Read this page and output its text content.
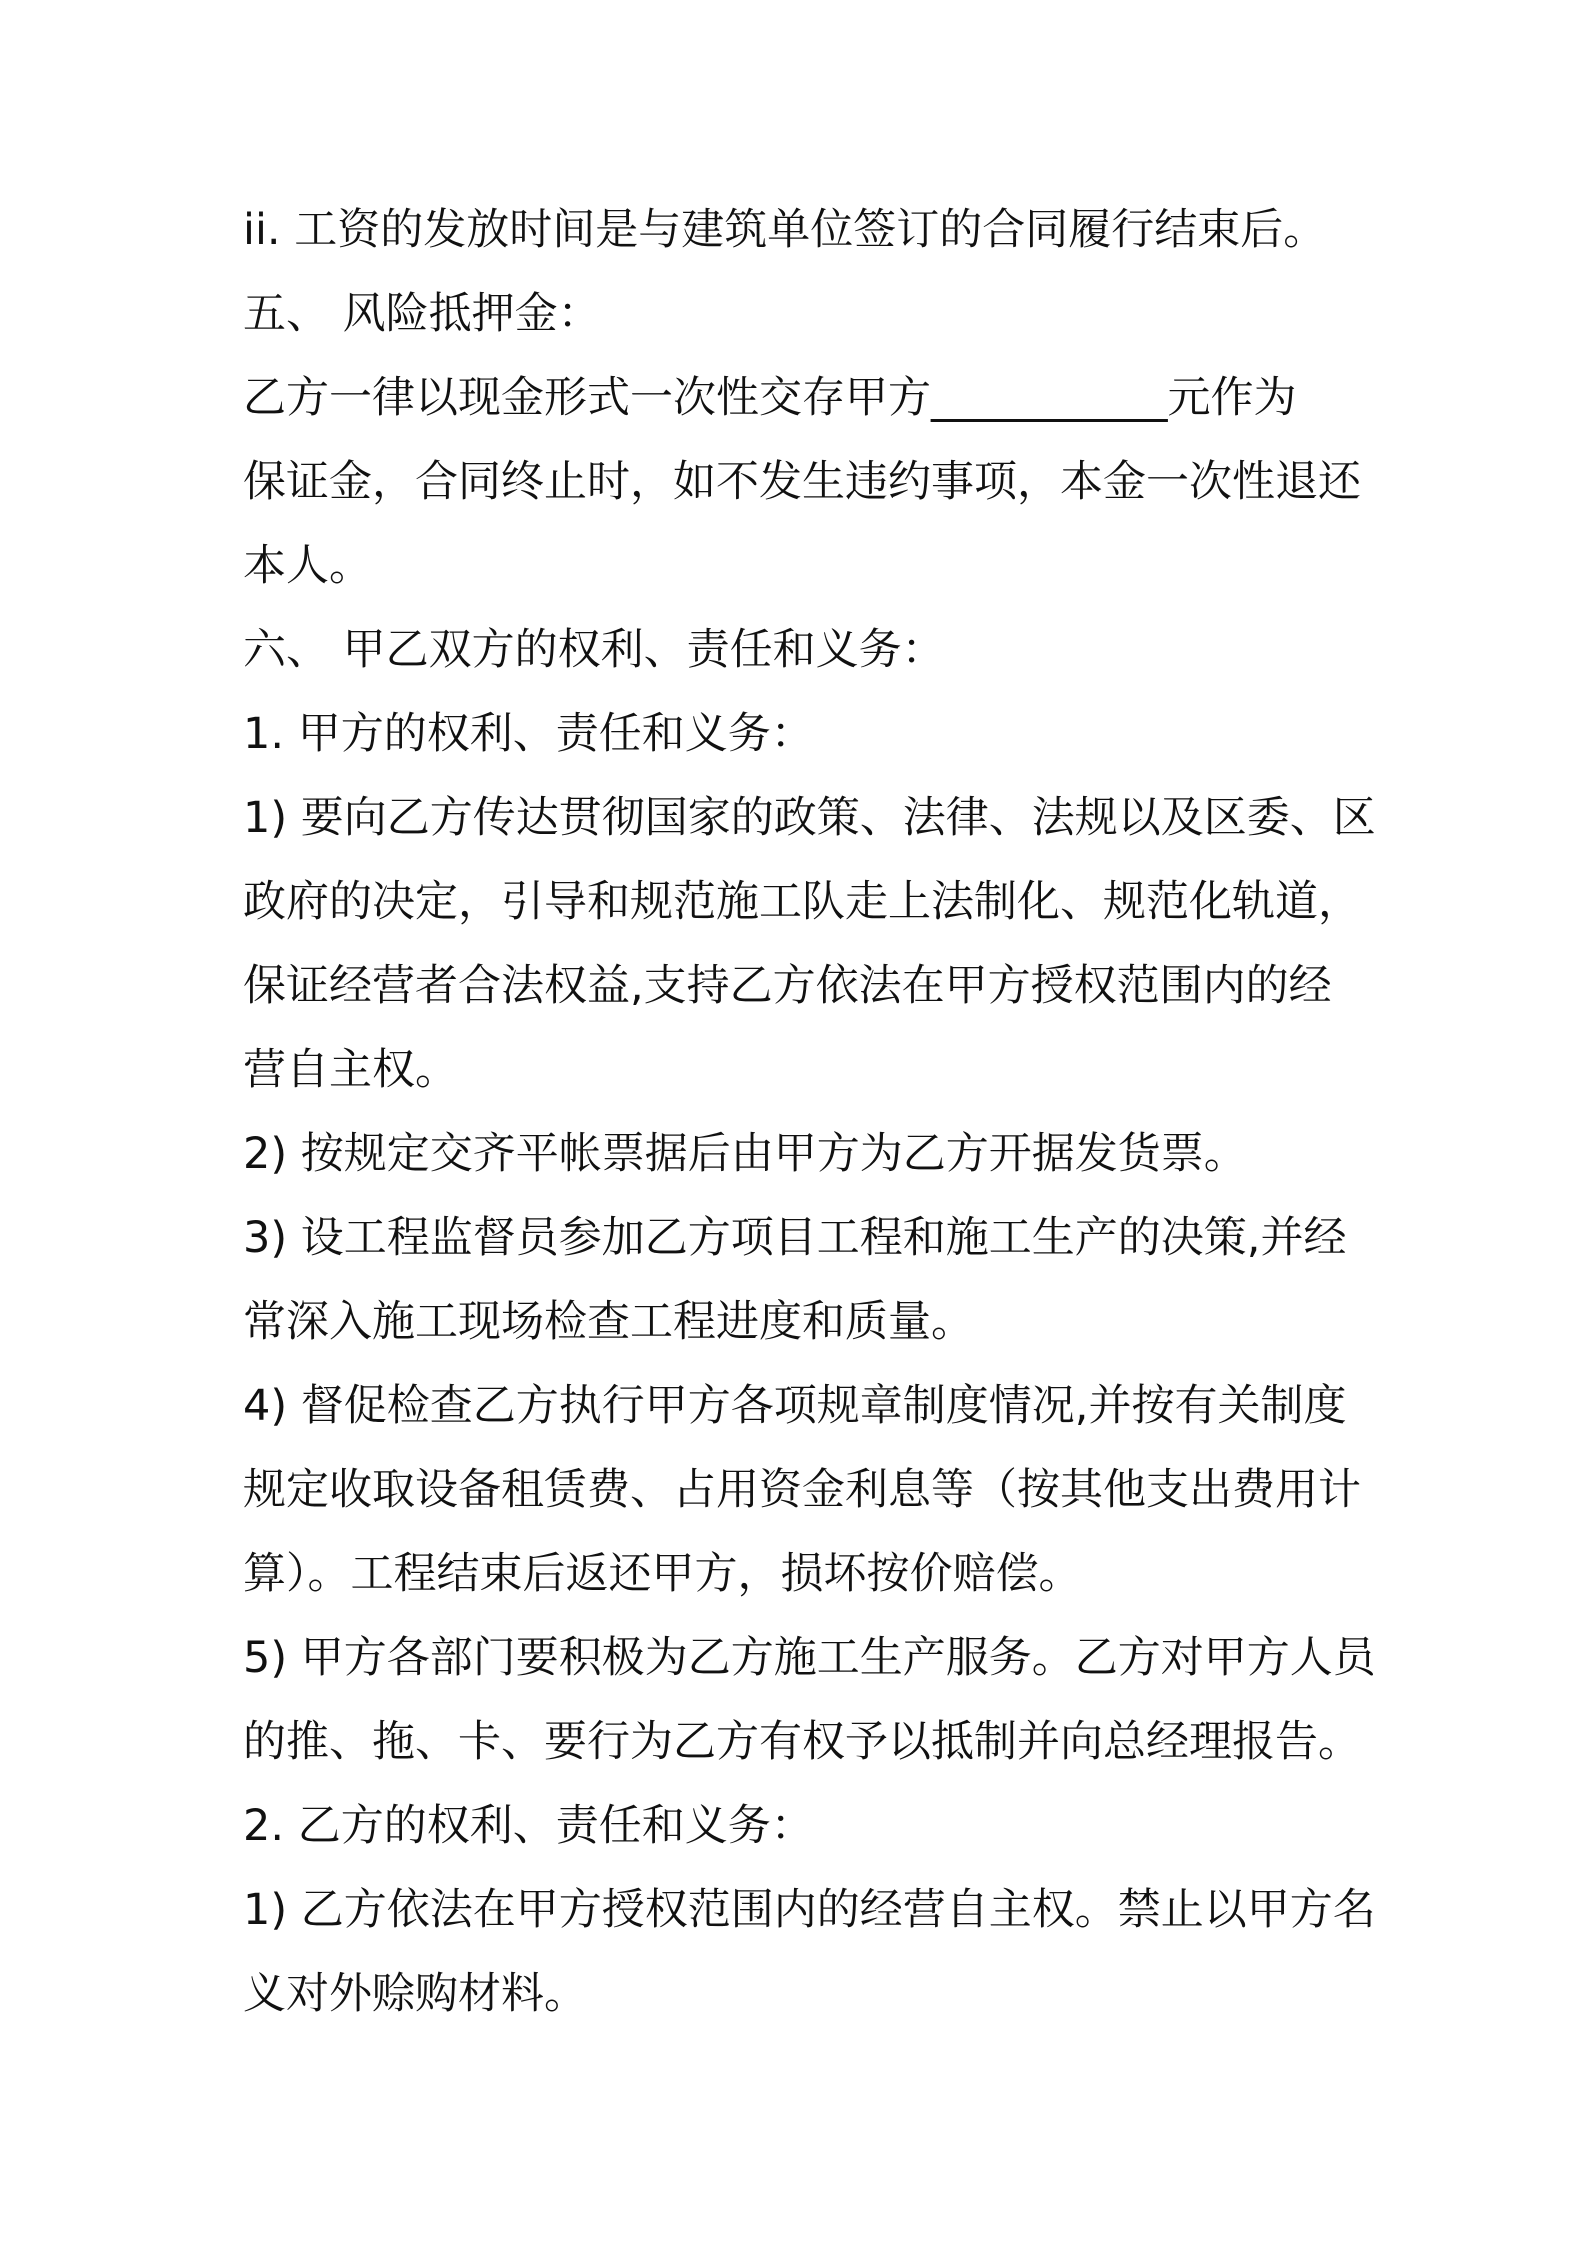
ii. 工资的发放时间是与建筑单位签订的合同履行结束后。
五、 风险抵押金：
乙方一律以现金形式一次性交存甲方___________元作为
保证金，合同终止时，如不发生违约事项，本金一次性退还
本人。
六、 甲乙双方的权利、责任和义务：
1. 甲方的权利、责任和义务：
1) 要向乙方传达贯彻国家的政策、法律、法规以及区委、区
政府的决定，引导和规范施工队走上法制化、规范化轨道，
保证经营者合法权益,支持乙方依法在甲方授权范围内的经
营自主权。
2) 按规定交齐平帐票据后由甲方为乙方开据发货票。
3) 设工程监督员参加乙方项目工程和施工生产的决策,并经
常深入施工现场检查工程进度和质量。
4) 督促检查乙方执行甲方各项规章制度情况,并按有关制度
规定收取设备租赁费、占用资金利息等（按其他支出费用计
算）。工程结束后返还甲方，损坏按价赔偿。
5) 甲方各部门要积极为乙方施工生产服务。乙方对甲方人员
的推、拖、卡、要行为乙方有权予以抵制并向总经理报告。
2. 乙方的权利、责任和义务：
1) 乙方依法在甲方授权范围内的经营自主权。禁止以甲方名
义对外赊购材料。
